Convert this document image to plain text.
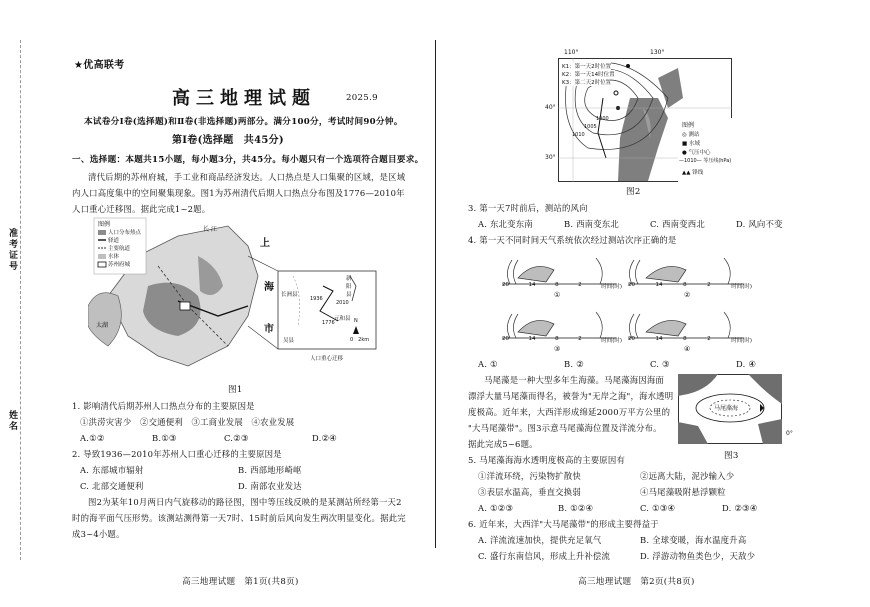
准考证号
姓名
★优高联考
高三地理试题	2025.9
本试卷分Ⅰ卷(选择题)和Ⅱ卷(非选择题)两部分。满分100分，考试时间90分钟。
第Ⅰ卷(选择题　共45分)
一、选择题：本题共15小题，每小题3分，共45分。每小题只有一个选项符合题目要求。
清代后期的苏州府城，手工业和商品经济发达。人口热点是人口集聚的区域，是区域
内人口高度集中的空间聚集现象。图1为苏州清代后期人口热点分布图及1776—2010年
人口重心迁移图。据此完成1~2题。
图例
人口分布热点
驿道
主要航道
水体
苏州府城
长 江
上
海
市
太湖
长洲县
新阳县
元和县
吴县
1936
2010
1776	N
0　2km
人口重心迁移
图1
1. 影响清代后期苏州人口热点分布的主要原因是
①洪涝灾害少　②交通便利　③工商业发展　④农业发展
A.①②	B.①③	C.②③	D.②④
2. 导致1936—2010年苏州人口重心迁移的主要原因是
A. 东部城市辐射	B. 西部地形崎岖
C. 北部交通便利	D. 南部农业发达
图2为某年10月两日内气旋移动的路径图，图中等压线反映的是某测站所经第一天2
时的海平面气压形势。该测站测得第一天7时、15时前后风向发生两次明显变化。据此完
成3~4小题。
高三地理试题　第1页(共8页)
110°	130°
40°
30°
K1：第一天2时位置
K2：第一天14时位置
K3：第二天2时位置
1000
1005
1010
图例
◎ 测站
■ 水域
● 气压中心
—1010— 等压线(hPa)
▲▲ 锋线
图2
3. 第一天7时前后，测站的风向
A. 东北变东南	B. 西南变东北	C. 西南变西北	D. 风向不变
4. 第一天不同时间天气系统依次经过测站次序正确的是
20	14	8	2	时间(时) 20	14	8	2	时间(时)
20	14	8	2	时间(时) 20	14	8	2	时间(时)
①	②
③	④
A. ①	B. ②	C. ③	D. ④
马尾藻是一种大型多年生海藻。马尾藻海因海面
漂浮大量马尾藻而得名，被誉为"无岸之海"，海水透明
度极高。近年来，大西洋形成绵延2000万平方公里的
"大马尾藻带"。图3示意马尾藻海位置及洋流分布。
据此完成5~6题。
马尾藻海
0°
图3
5. 马尾藻海海水透明度极高的主要原因有
①洋流环绕，污染物扩散快	②远离大陆，泥沙输入少
③表层水温高，垂直交换弱	④马尾藻吸附悬浮颗粒
A. ①②③	B. ①②④	C. ①③④	D. ②③④
6. 近年来，大西洋"大马尾藻带"的形成主要得益于
A. 洋流流速加快，提供充足氧气	B. 全球变暖，海水温度升高
C. 盛行东南信风，形成上升补偿流	D. 浮游动物鱼类色少，天敌少
高三地理试题　第2页(共8页)
